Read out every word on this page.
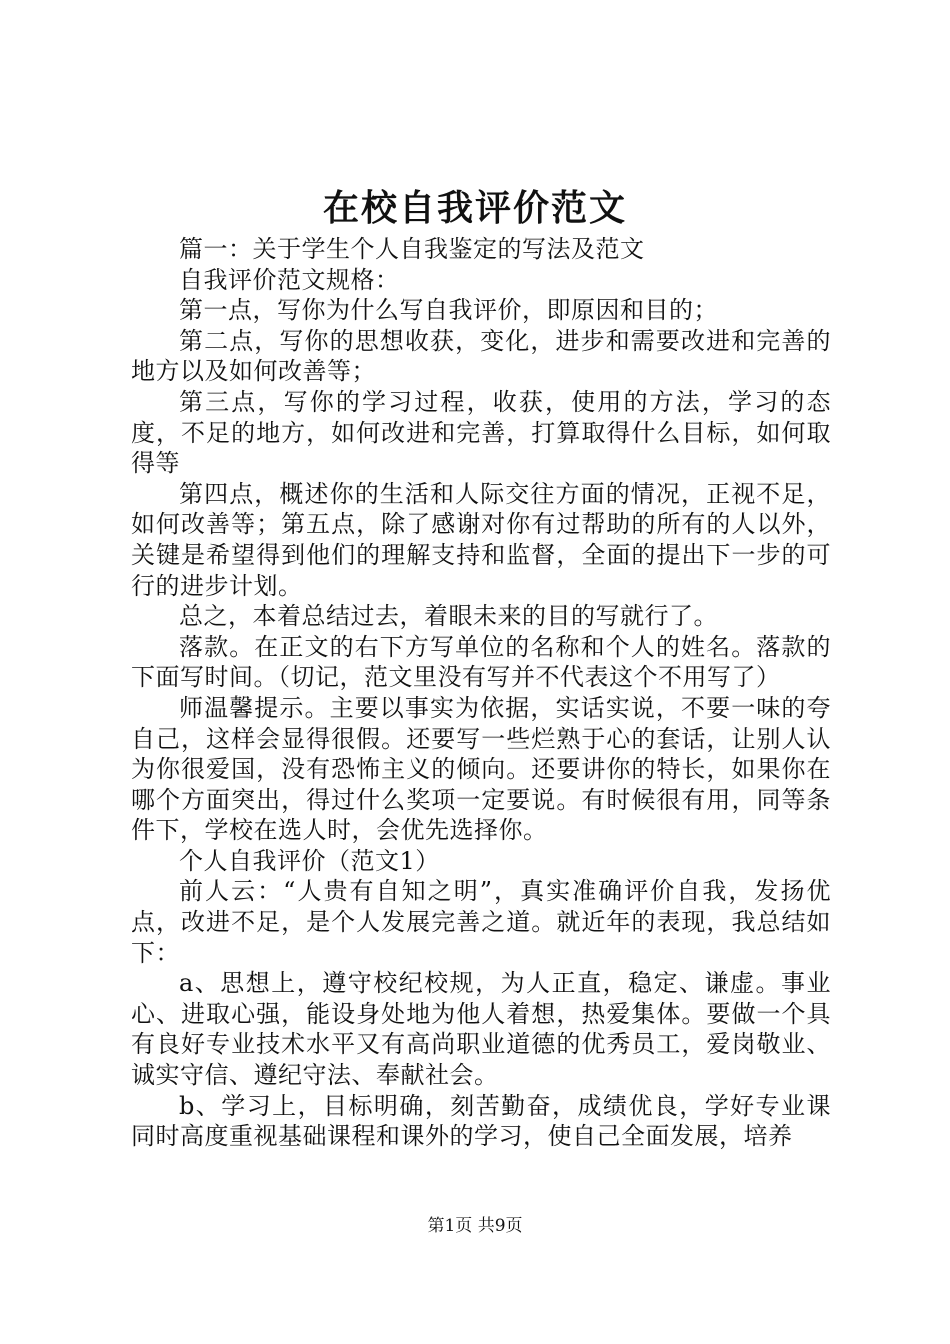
在校自我评价范文

篇一：关于学生个人自我鉴定的写法及范文

自我评价范文规格：

第一点，写你为什么写自我评价，即原因和目的；

第二点，写你的思想收获，变化，进步和需要改进和完善的地方以及如何改善等；

第三点，写你的学习过程，收获，使用的方法，学习的态度，不足的地方，如何改进和完善，打算取得什么目标，如何取得等

第四点，概述你的生活和人际交往方面的情况，正视不足，如何改善等；第五点，除了感谢对你有过帮助的所有的人以外，关键是希望得到他们的理解支持和监督，全面的提出下一步的可行的进步计划。

总之，本着总结过去，着眼未来的目的写就行了。

落款。在正文的右下方写单位的名称和个人的姓名。落款的下面写时间。（切记，范文里没有写并不代表这个不用写了）

师温馨提示。主要以事实为依据，实话实说，不要一味的夸自己，这样会显得很假。还要写一些烂熟于心的套话，让别人认为你很爱国，没有恐怖主义的倾向。还要讲你的特长，如果你在哪个方面突出，得过什么奖项一定要说。有时候很有用，同等条件下，学校在选人时，会优先选择你。

个人自我评价（范文1）

前人云：“人贵有自知之明”，真实准确评价自我，发扬优点，改进不足，是个人发展完善之道。就近年的表现，我总结如下：

a、思想上，遵守校纪校规，为人正直，稳定、谦虚。事业心、进取心强，能设身处地为他人着想，热爱集体。要做一个具有良好专业技术水平又有高尚职业道德的优秀员工，爱岗敬业、诚实守信、遵纪守法、奉献社会。

b、学习上，目标明确，刻苦勤奋，成绩优良，学好专业课同时高度重视基础课程和课外的学习，使自己全面发展，培养

第1页 共9页
